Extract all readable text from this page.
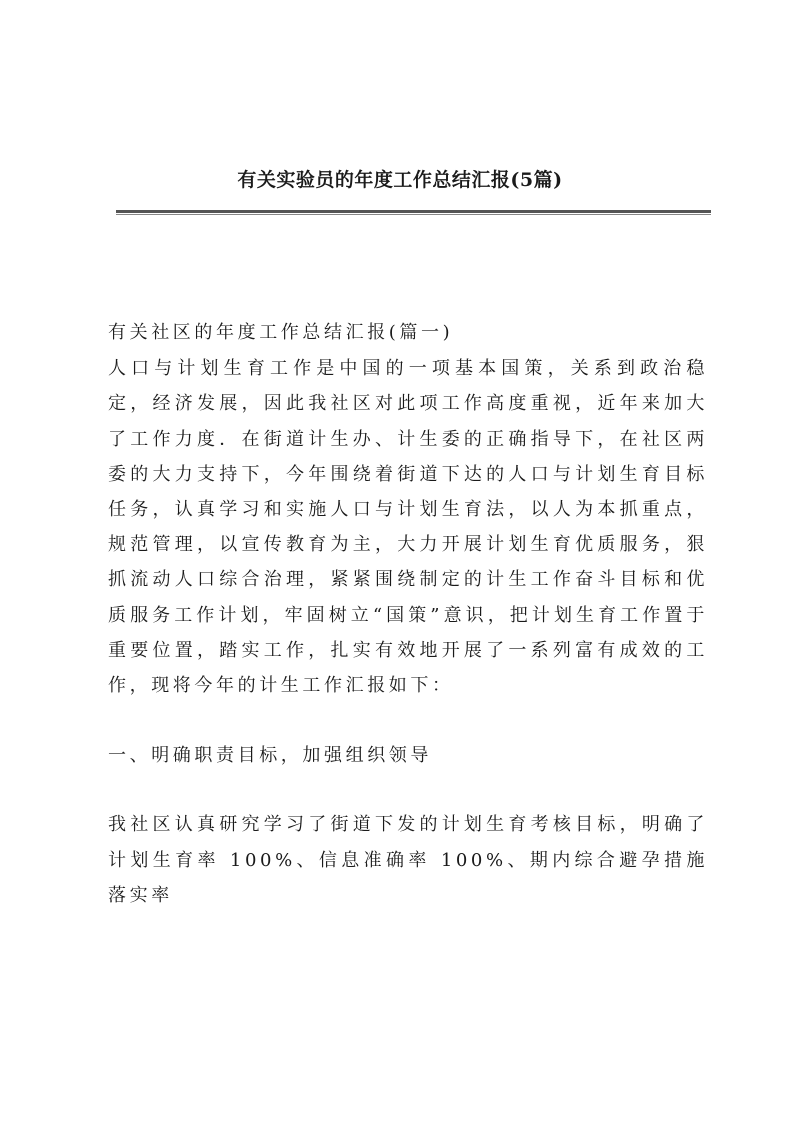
有关实验员的年度工作总结汇报(5篇)

有关社区的年度工作总结汇报(篇一)

人口与计划生育工作是中国的一项基本国策，关系到政治稳定，经济发展，因此我社区对此项工作高度重视，近年来加大了工作力度．在街道计生办、计生委的正确指导下，在社区两委的大力支持下，今年围绕着街道下达的人口与计划生育目标任务，认真学习和实施人口与计划生育法，以人为本抓重点，规范管理，以宣传教育为主，大力开展计划生育优质服务，狠抓流动人口综合治理，紧紧围绕制定的计生工作奋斗目标和优质服务工作计划，牢固树立“国策”意识，把计划生育工作置于重要位置，踏实工作，扎实有效地开展了一系列富有成效的工作，现将今年的计生工作汇报如下：

一、明确职责目标，加强组织领导

我社区认真研究学习了街道下发的计划生育考核目标，明确了计划生育率 100%、信息准确率 100%、期内综合避孕措施落实率
